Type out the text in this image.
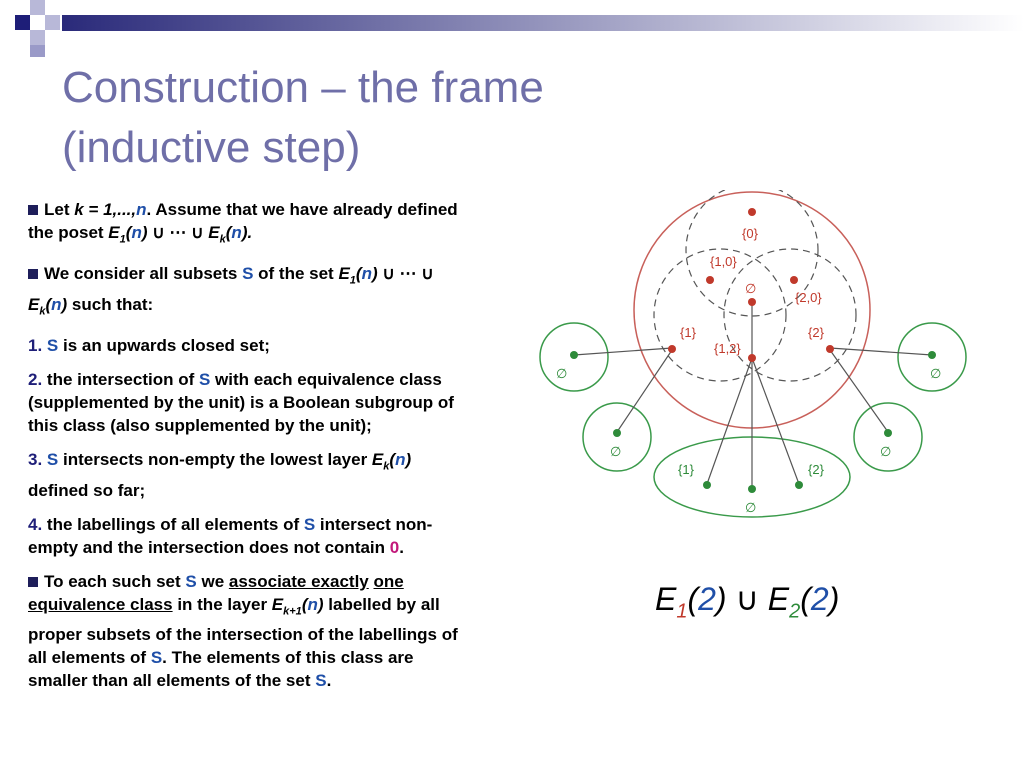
Construction – the frame
(inductive step)

Let k = 1,...,n. Assume that we have already defined the poset $E_1(n)$ ∪ ⋯ ∪ $E_k(n)$.

We consider all subsets S of the set $E_1(n)$ ∪ ⋯ ∪ $E_k(n)$ such that:

1. S is an upwards closed set;

2. the intersection of S with each equivalence class (supplemented by the unit) is a Boolean subgroup of this class (also supplemented by the unit);

3. S intersects non-empty the lowest layer $E_k(n)$ defined so far;

4. the labellings of all elements of S intersect non-empty and the intersection does not contain 0.

To each such set S we associate exactly one equivalence class in the layer $E_{k+1}(n)$ labelled by all proper subsets of the intersection of the labellings of all elements of S. The elements of this class are smaller than all elements of the set S.

{0}
{1,0}
∅
{2,0}
{1}
{1,2}
{2}
∅	∅
∅	∅
{1}	{2}
∅
$E_1(2)$ ∪ $E_2(2)$
